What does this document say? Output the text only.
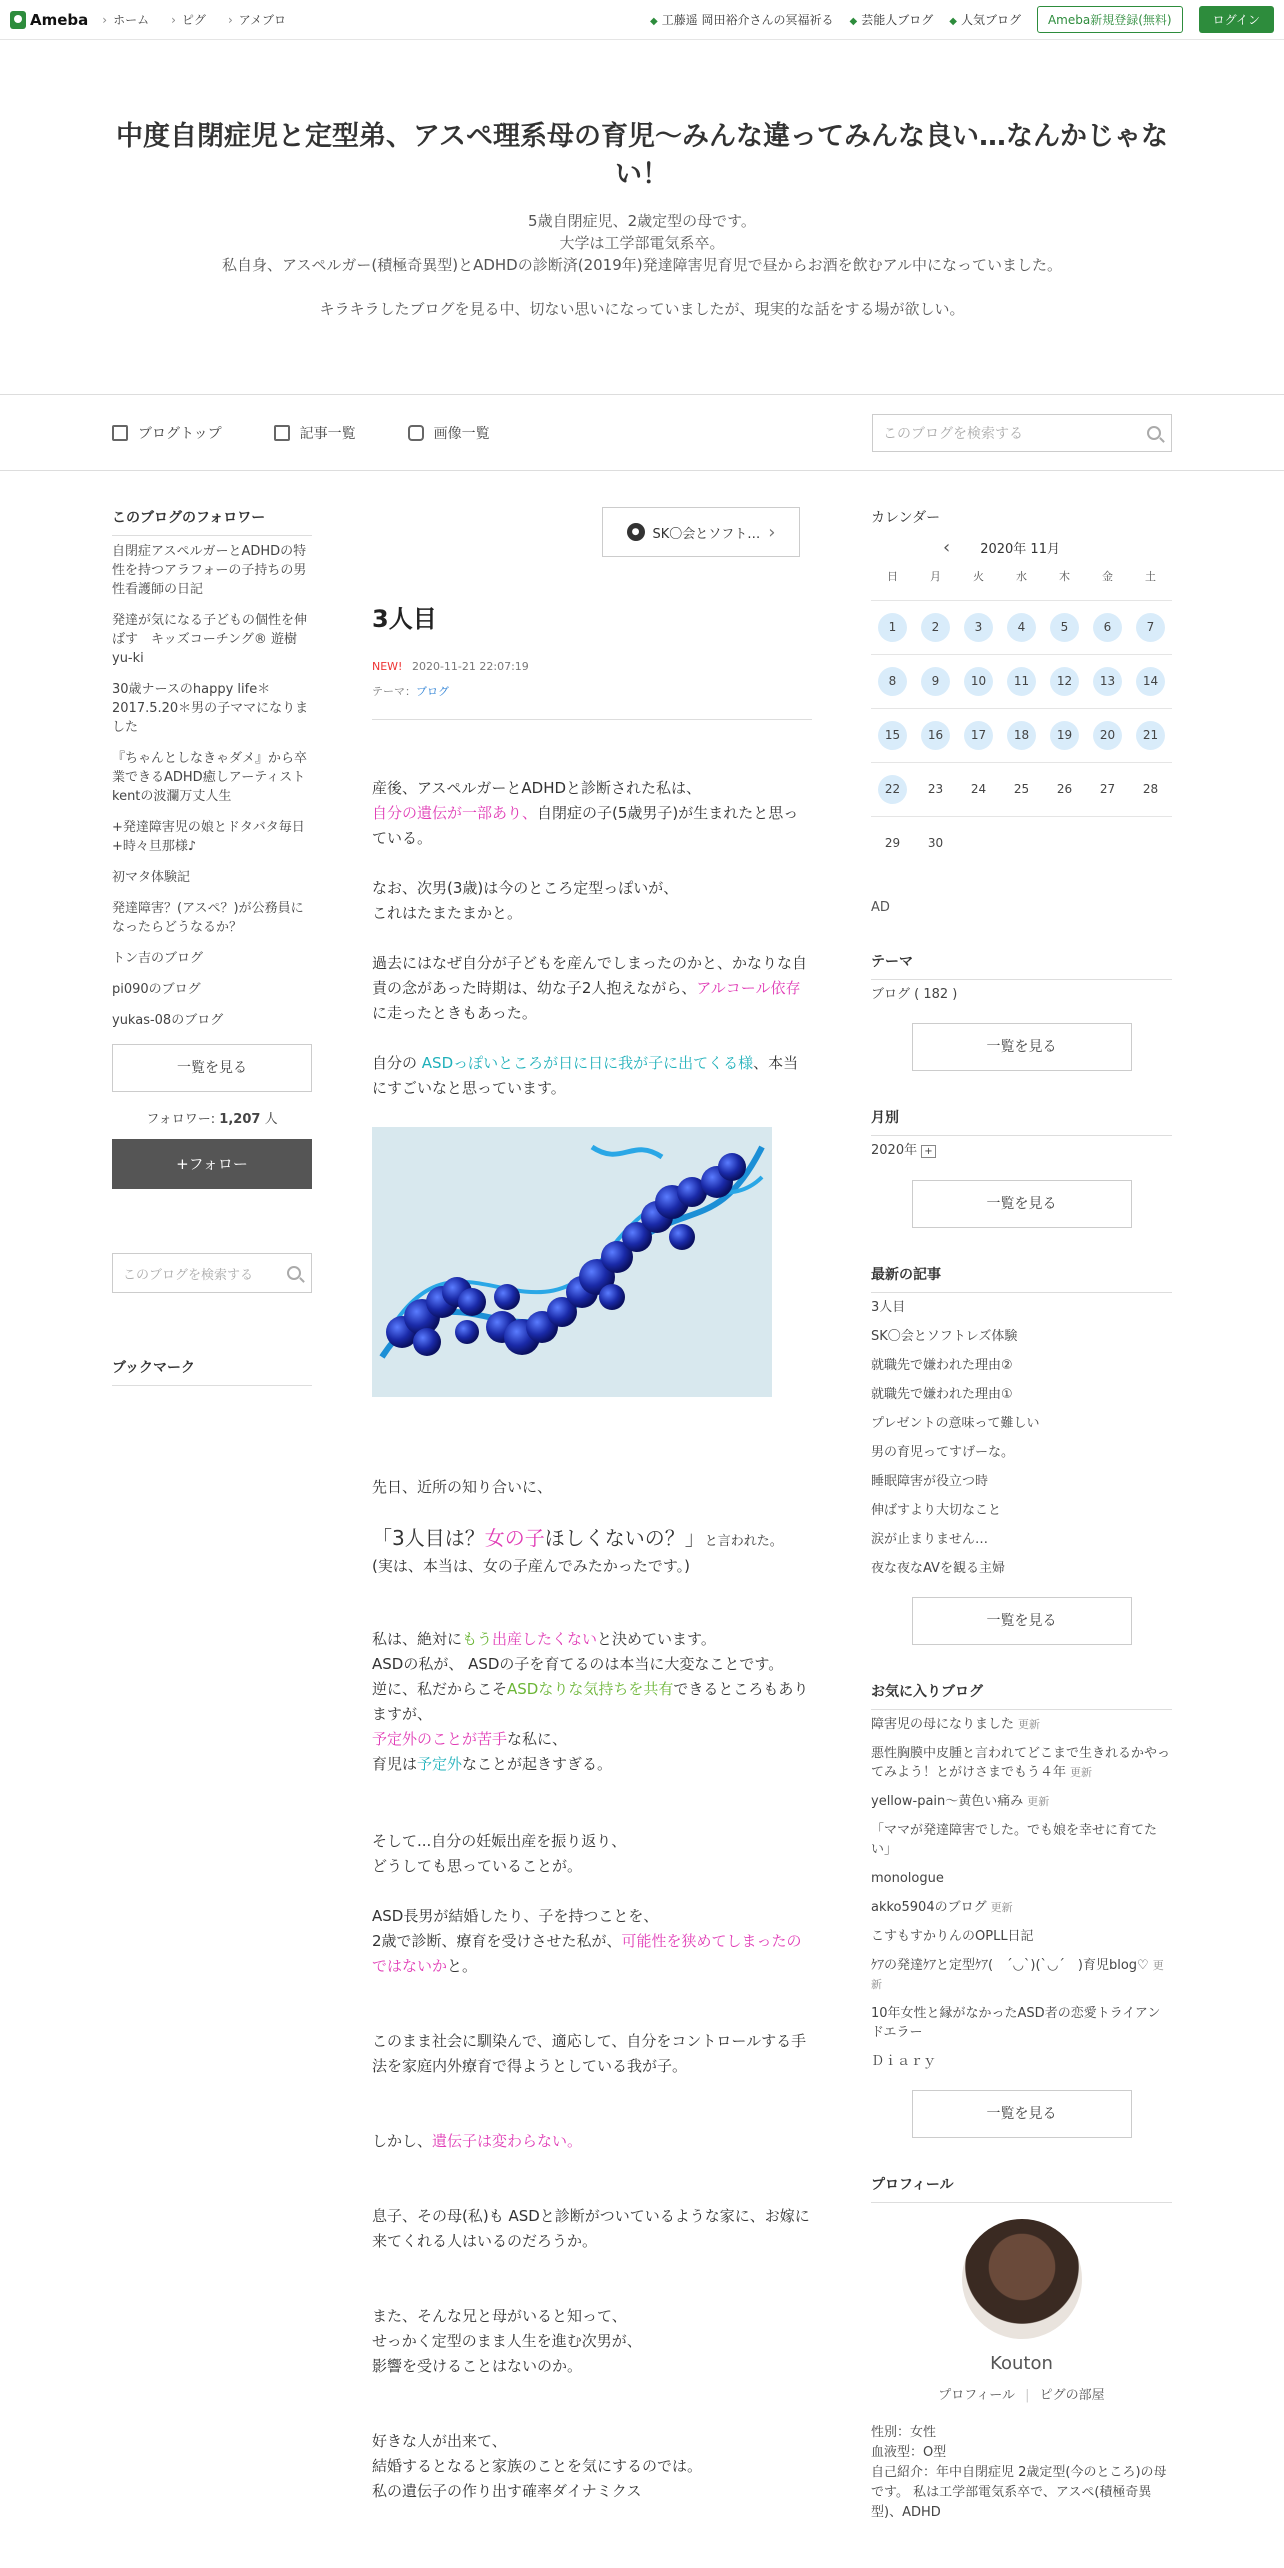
Ameba	› ホーム	› ピグ	› アメブロ	◆ 工藤遥 岡田裕介さんの冥福祈る	◆ 芸能人ブログ	◆ 人気ブログ	Ameba新規登録(無料)	ログイン
中度自閉症児と定型弟、アスペ理系母の育児〜みんな違ってみんな良い…なんかじゃない！
5歳自閉症児、2歳定型の母です。
大学は工学部電気系卒。
私自身、アスペルガー(積極奇異型)とADHDの診断済(2019年)発達障害児育児で昼からお酒を飲むアル中になっていました。

キラキラしたブログを見る中、切ない思いになっていましたが、現実的な話をする場が欲しい。
ブログトップ	記事一覧	画像一覧	このブログを検索する
このブログのフォロワー
自閉症アスペルガーとADHDの特性を持つアラフォーの子持ちの男性看護師の日記
発達が気になる子どもの個性を伸ばす　キッズコーチング® 遊樹 yu-ki
30歳ナースのhappy life＊2017.5.20＊男の子ママになりました
『ちゃんとしなきゃダメ』から卒業できるADHD癒しアーティストkentの波瀾万丈人生
+発達障害児の娘とドタバタ毎日+時々旦那様♪
初マタ体験記
発達障害？(アスペ？)が公務員になったらどうなるか？
トン吉のブログ
pi090のブログ
yukas-08のブログ
一覧を見る
フォロワー: 1,207 人
+フォロー
このブログを検索する
ブックマーク
●	SK〇会とソフト… ›
3人目
NEW! 2020-11-21 22:07:19
テーマ：ブログ

産後、アスペルガーとADHDと診断された私は、
自分の遺伝が一部あり、自閉症の子(5歳男子)が生まれたと思っている。

なお、次男(3歳)は今のところ定型っぽいが、
これはたまたまかと。

過去にはなぜ自分が子どもを産んでしまったのかと、かなりな自責の念があった時期は、幼な子2人抱えながら、アルコール依存に走ったときもあった。

自分の ASDっぽいところが日に日に我が子に出てくる様、本当にすごいなと思っています。

先日、近所の知り合いに、

「3人目は？女の子ほしくないの？」と言われた。

(実は、本当は、女の子産んでみたかったです。)

私は、絶対にもう出産したくないと決めています。
ASDの私が、 ASDの子を育てるのは本当に大変なことです。
逆に、私だからこそASDなりな気持ちを共有できるところもありますが、

予定外のことが苦手な私に、

育児は予定外なことが起きすぎる。

そして...自分の妊娠出産を振り返り、
どうしても思っていることが。

ASD長男が結婚したり、子を持つことを、
2歳で診断、療育を受けさせた私が、可能性を狭めてしまったのではないかと。

このまま社会に馴染んで、適応して、自分をコントロールする手法を家庭内外療育で得ようとしている我が子。

しかし、遺伝子は変わらない。

息子、その母(私)も ASDと診断がついているような家に、お嫁に来てくれる人はいるのだろうか。

また、そんな兄と母がいると知って、
せっかく定型のまま人生を進む次男が、
影響を受けることはないのか。

好きな人が出来て、
結婚するとなると家族のことを気にするのでは。
私の遺伝子の作り出す確率ダイナミクス

カレンダー
‹ 2020年 11月
日	月	火	水	木	金	土
1	2	3	4	5	6	7
8	9	10	11	12	13	14
15	16	17	18	19	20	21
22	23	24	25	26	27	28
29	30
AD
テーマ
ブログ ( 182 )
一覧を見る
月別
2020年 +
一覧を見る
最新の記事
3人目
SK〇会とソフトレズ体験
就職先で嫌われた理由②
就職先で嫌われた理由①
プレゼントの意味って難しい
男の育児ってすげーな。
睡眠障害が役立つ時
伸ばすより大切なこと
涙が止まりません…
夜な夜なAVを観る主婦
一覧を見る
お気に入りブログ
障害児の母になりました 更新
悪性胸膜中皮腫と言われてどこまで生きれるかやってみよう！とがけさまでもう４年 更新
yellow-pain〜黄色い痛み 更新
「ママが発達障害でした。でも娘を幸せに育てたい」
monologue
akko5904のブログ 更新
こすもすかりんのOPLL日記
ｹｱの発達ｹｱと定型ｹｱ(　´◡`)(`◡´　)育児blog♡ 更新
10年女性と縁がなかったASD者の恋愛トライアンドエラー
Ｄｉａｒｙ
一覧を見る
プロフィール
Kouton
プロフィール | ピグの部屋
性別：女性
血液型：O型
自己紹介：年中自閉症児 2歳定型(今のところ)の母です。 私は工学部電気系卒で、アスペ(積極奇異型)、ADHD
